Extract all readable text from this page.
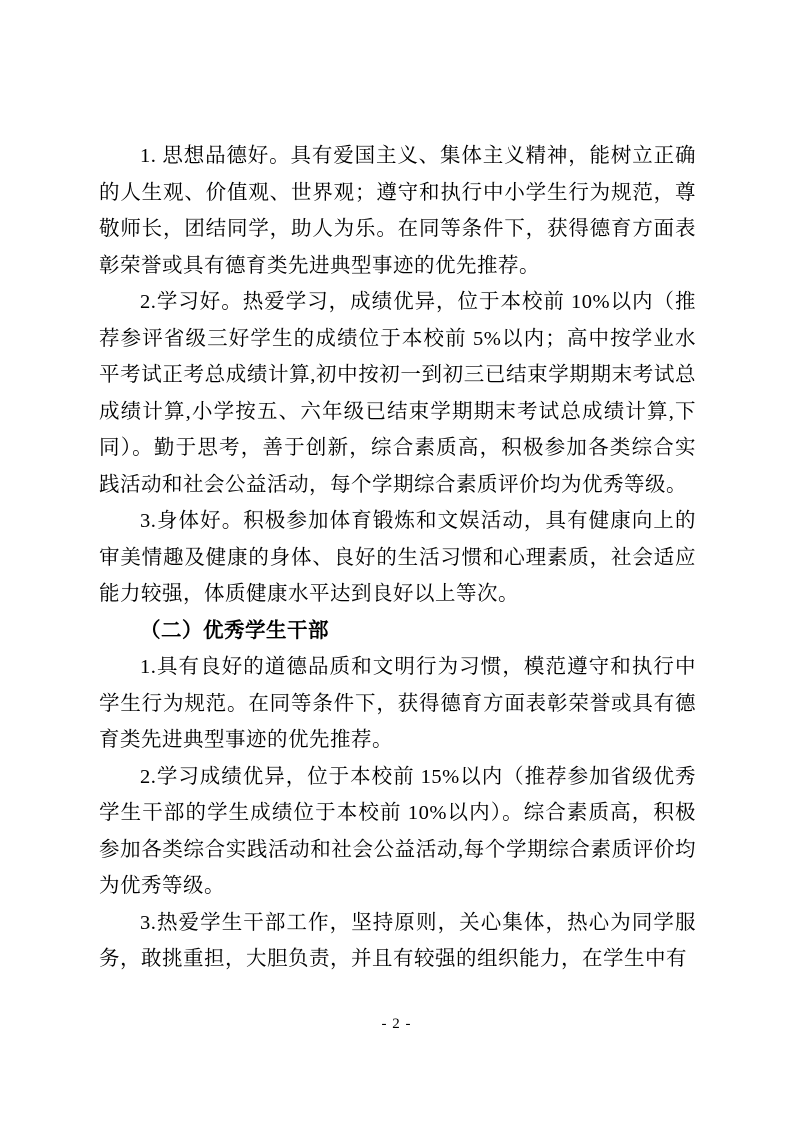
1. 思想品德好。具有爱国主义、集体主义精神，能树立正确的人生观、价值观、世界观；遵守和执行中小学生行为规范，尊敬师长，团结同学，助人为乐。在同等条件下，获得德育方面表彰荣誉或具有德育类先进典型事迹的优先推荐。

2.学习好。热爱学习，成绩优异，位于本校前 10%以内（推荐参评省级三好学生的成绩位于本校前 5%以内；高中按学业水平考试正考总成绩计算,初中按初一到初三已结束学期期末考试总成绩计算,小学按五、六年级已结束学期期末考试总成绩计算,下同）。勤于思考，善于创新，综合素质高，积极参加各类综合实践活动和社会公益活动，每个学期综合素质评价均为优秀等级。

3.身体好。积极参加体育锻炼和文娱活动，具有健康向上的审美情趣及健康的身体、良好的生活习惯和心理素质，社会适应能力较强，体质健康水平达到良好以上等次。

（二）优秀学生干部

1.具有良好的道德品质和文明行为习惯，模范遵守和执行中学生行为规范。在同等条件下，获得德育方面表彰荣誉或具有德育类先进典型事迹的优先推荐。

2.学习成绩优异，位于本校前 15%以内（推荐参加省级优秀学生干部的学生成绩位于本校前 10%以内）。综合素质高，积极参加各类综合实践活动和社会公益活动,每个学期综合素质评价均为优秀等级。

3.热爱学生干部工作，坚持原则，关心集体，热心为同学服务，敢挑重担，大胆负责，并且有较强的组织能力，在学生中有

- 2 -
